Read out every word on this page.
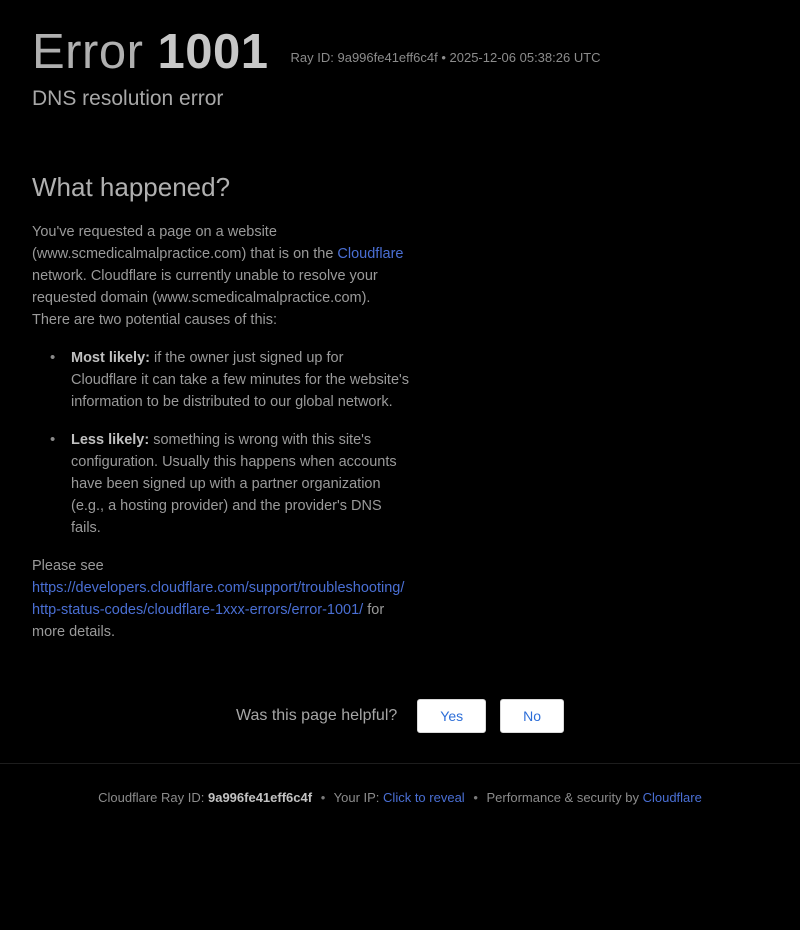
Error 1001 Ray ID: 9a996fe41eff6c4f • 2025-12-06 05:38:26 UTC
DNS resolution error
What happened?

You've requested a page on a website (www.scmedicalmalpractice.com) that is on the Cloudflare network. Cloudflare is currently unable to resolve your requested domain (www.scmedicalmalpractice.com). There are two potential causes of this:

• Most likely: if the owner just signed up for Cloudflare it can take a few minutes for the website's information to be distributed to our global network.
• Less likely: something is wrong with this site's configuration. Usually this happens when accounts have been signed up with a partner organization (e.g., a hosting provider) and the provider's DNS fails.
Please see https://developers.cloudflare.com/support/troubleshooting/http-status-codes/cloudflare-1xxx-errors/error-1001/ for more details.
Was this page helpful?	Yes	No
Cloudflare Ray ID: 9a996fe41eff6c4f • Your IP: Click to reveal • Performance & security by Cloudflare
